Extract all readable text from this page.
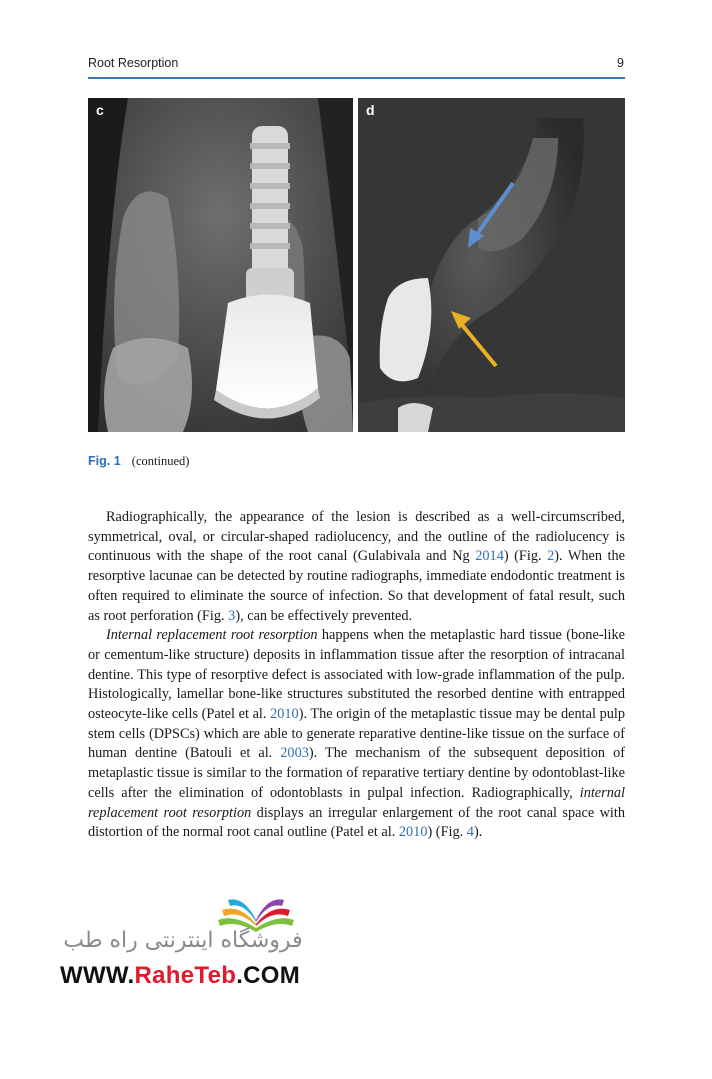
Root Resorption	9
c	d
Fig. 1 (continued)

Radiographically, the appearance of the lesion is described as a well-circumscribed, symmetrical, oval, or circular-shaped radiolucency, and the outline of the radiolucency is continuous with the shape of the root canal (Gulabivala and Ng 2014) (Fig. 2). When the resorptive lacunae can be detected by routine radiographs, immediate endodontic treatment is often required to eliminate the source of infection. So that development of fatal result, such as root perforation (Fig. 3), can be effectively prevented.

Internal replacement root resorption happens when the metaplastic hard tissue (bone-like or cementum-like structure) deposits in inflammation tissue after the resorption of intracanal dentine. This type of resorptive defect is associated with low-grade inflammation of the pulp. Histologically, lamellar bone-like structures substituted the resorbed dentine with entrapped osteocyte-like cells (Patel et al. 2010). The origin of the metaplastic tissue may be dental pulp stem cells (DPSCs) which are able to generate reparative dentine-like tissue on the surface of human dentine (Batouli et al. 2003). The mechanism of the subsequent deposition of metaplastic tissue is similar to the formation of reparative tertiary dentine by odontoblast-like cells after the elimination of odontoblasts in pulpal infection. Radiographically, internal replacement root resorption displays an irregular enlargement of the root canal space with distortion of the normal root canal outline (Patel et al. 2010) (Fig. 4).

فروشگاه اینترنتی راه طب
WWW.RaheTeb.COM
